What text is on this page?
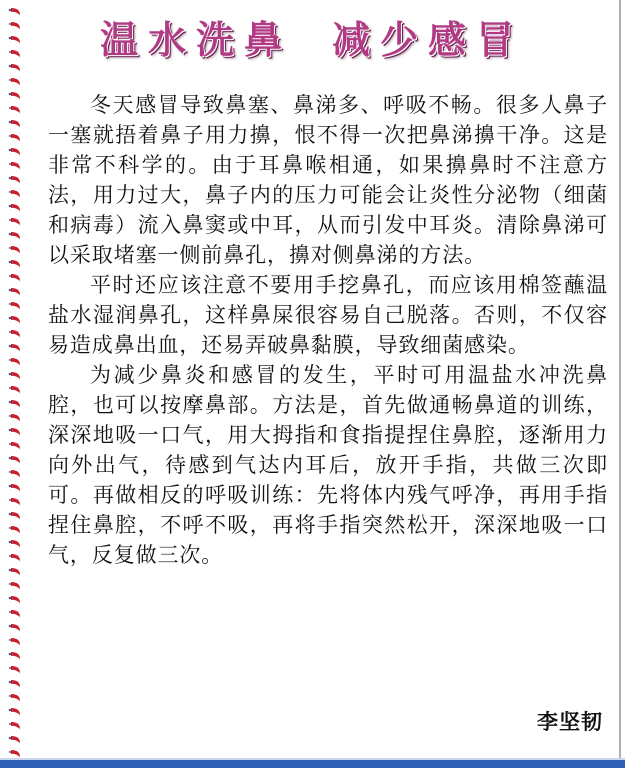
温水洗鼻 减少感冒

冬天感冒导致鼻塞、鼻涕多、呼吸不畅。很多人鼻子一塞就捂着鼻子用力擤，恨不得一次把鼻涕擤干净。这是非常不科学的。由于耳鼻喉相通，如果擤鼻时不注意方法，用力过大，鼻子内的压力可能会让炎性分泌物（细菌和病毒）流入鼻窦或中耳，从而引发中耳炎。清除鼻涕可以采取堵塞一侧前鼻孔，擤对侧鼻涕的方法。

平时还应该注意不要用手挖鼻孔，而应该用棉签蘸温盐水湿润鼻孔，这样鼻屎很容易自己脱落。否则，不仅容易造成鼻出血，还易弄破鼻黏膜，导致细菌感染。

为减少鼻炎和感冒的发生，平时可用温盐水冲洗鼻腔，也可以按摩鼻部。方法是，首先做通畅鼻道的训练，深深地吸一口气，用大拇指和食指提捏住鼻腔，逐渐用力向外出气，待感到气达内耳后，放开手指，共做三次即可。再做相反的呼吸训练：先将体内残气呼净，再用手指捏住鼻腔，不呼不吸，再将手指突然松开，深深地吸一口气，反复做三次。

李坚韧
